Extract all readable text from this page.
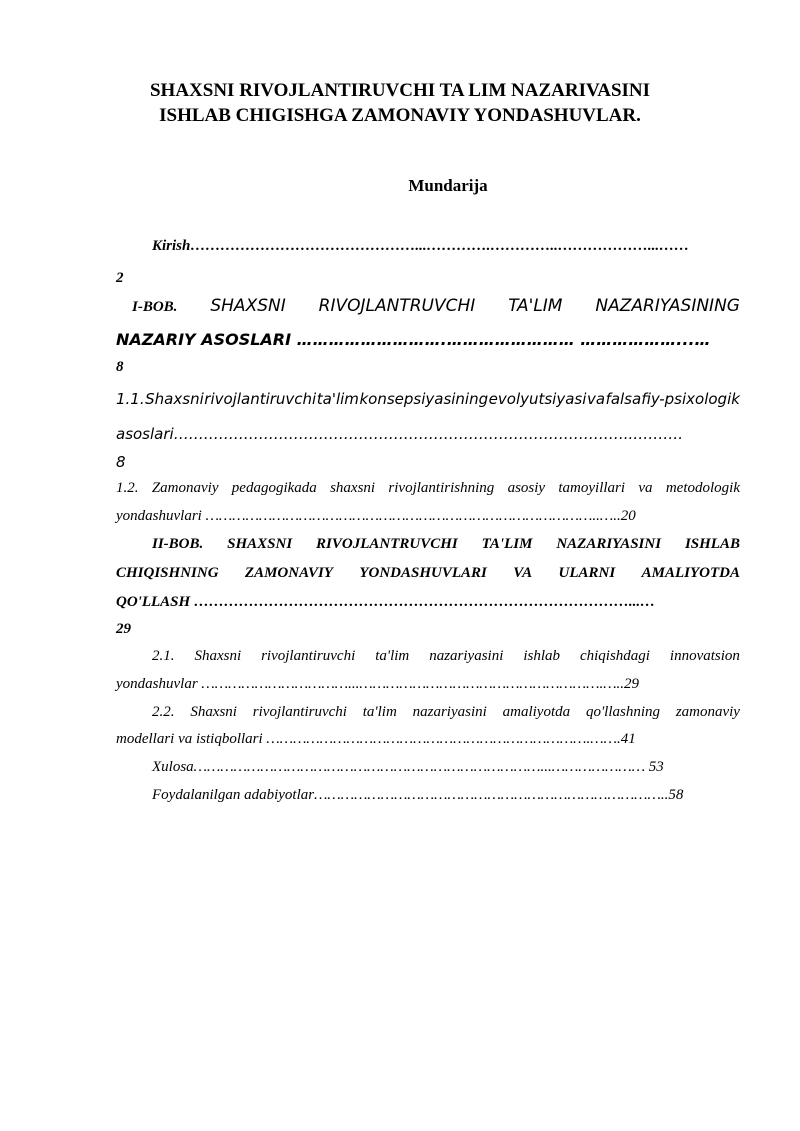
SHAXSNI RIVOJLANTIRUVCHI TA LIM NAZARIVASINI
ISHLAB CHIGISHGA ZAMONAVIY YONDASHUVLAR.
Mundarija
Kirish………………………………………...………….…………..………………...……
2
I-BOB. SHAXSNI RIVOJLANTRUVCHI TA'LIM NAZARIYASINING
NAZARIY ASOSLARI ……………………….…………………… ………………...…
8
1.1. Shaxsni rivojlantiruvchi ta'lim konsepsiyasining evolyutsiyasi va falsafiy-psixologik
asoslari………………………………………………………………………………..……….
8
1.2. Zamonaviy pedagogikada shaxsni rivojlantirishning asosiy tamoyillari va metodologik
yondashuvlari ……………………………………………………………………………..…..20
II-BOB. SHAXSNI RIVOJLANTRUVCHI TA'LIM NAZARIYASINI ISHLAB
CHIQISHNING ZAMONAVIY YONDASHUVLARI VA ULARNI AMALIYOTDA
QO'LLASH ……………………………………………………………………………...…
29
2.1. Shaxsni rivojlantiruvchi ta'lim nazariyasini ishlab chiqishdagi innovatsion
yondashuvlar ……………………………...……………………………………………….…..29
2.2. Shaxsni rivojlantiruvchi ta'lim nazariyasini amaliyotda qo'llashning zamonaviy
modellari va istiqbollari ……………………………………………………………….…….41
Xulosa……………………………………………………………………...………………… 53
Foydalanilgan adabiyotlar……………………………………………………………………..58
